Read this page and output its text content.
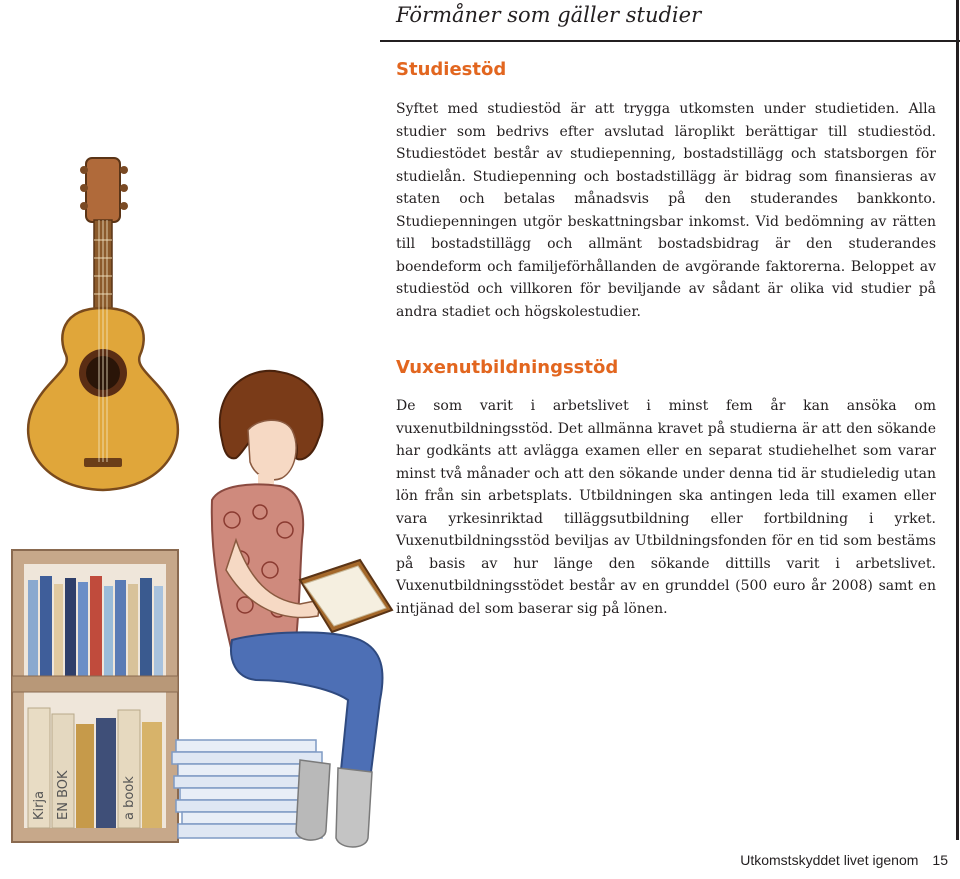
Förmåner som gäller studier
Studiestöd

Syftet med studiestöd är att trygga utkomsten under studietiden. Alla studier som bedrivs efter avslutad läroplikt berättigar till studiestöd. Studiestödet består av studiepenning, bostadstillägg och statsborgen för studielån. Studiepenning och bostadstillägg är bidrag som finansieras av staten och betalas månadsvis på den studerandes bankkonto. Studiepenningen utgör beskattningsbar inkomst. Vid bedömning av rätten till bostadstillägg och allmänt bostadsbidrag är den studerandes boendeform och familjeförhållanden de avgörande faktorerna. Beloppet av studiestöd och villkoren för beviljande av sådant är olika vid studier på andra stadiet och högskolestudier.

Vuxenutbildningsstöd

De som varit i arbetslivet i minst fem år kan ansöka om vuxenutbildningsstöd. Det allmänna kravet på studierna är att den sökande har godkänts att avlägga examen eller en separat studiehelhet som varar minst två månader och att den sökande under denna tid är studieledig utan lön från sin arbetsplats. Utbildningen ska antingen leda till examen eller vara yrkesinriktad tilläggsutbildning eller fortbildning i yrket. Vuxenutbildningsstöd beviljas av Utbildningsfonden för en tid som bestäms på basis av hur länge den sökande dittills varit i arbetslivet. Vuxenutbildningsstödet består av en grunddel (500 euro år 2008) samt en intjänad del som baserar sig på lönen.

Utkomstskyddet livet igenom 15
Kirja EN BOK	a book
